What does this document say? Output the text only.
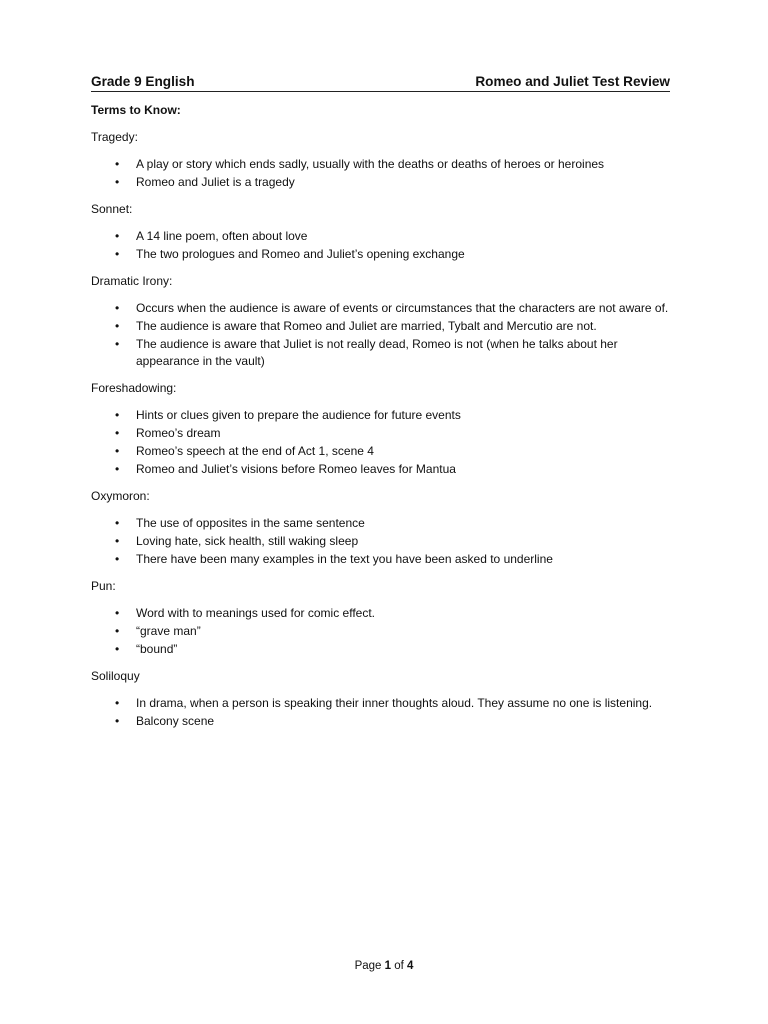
Grade 9 English	Romeo and Juliet Test Review

Terms to Know:

Tragedy:

• A play or story which ends sadly, usually with the deaths or deaths of heroes or heroines
• Romeo and Juliet is a tragedy

Sonnet:

• A 14 line poem, often about love
• The two prologues and Romeo and Juliet’s opening exchange

Dramatic Irony:

• Occurs when the audience is aware of events or circumstances that the characters are not aware of.
• The audience is aware that Romeo and Juliet are married, Tybalt and Mercutio are not.
• The audience is aware that Juliet is not really dead, Romeo is not (when he talks about her appearance in the vault)

Foreshadowing:

• Hints or clues given to prepare the audience for future events
• Romeo’s dream
• Romeo’s speech at the end of Act 1, scene 4
• Romeo and Juliet’s visions before Romeo leaves for Mantua

Oxymoron:

• The use of opposites in the same sentence
• Loving hate, sick health, still waking sleep
• There have been many examples in the text you have been asked to underline

Pun:

• Word with to meanings used for comic effect.
• “grave man”
• “bound”

Soliloquy

• In drama, when a person is speaking their inner thoughts aloud. They assume no one is listening.
• Balcony scene
Page 1 of 4
